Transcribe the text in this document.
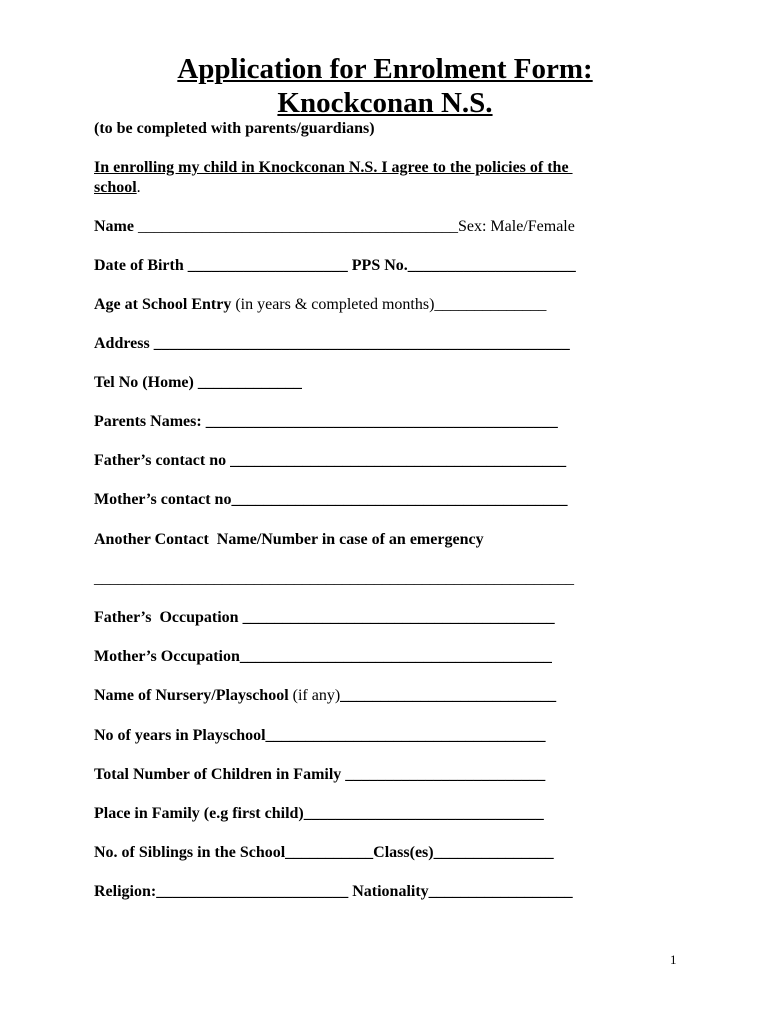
Application for Enrolment Form:
Knockconan N.S.
(to be completed with parents/guardians)
In enrolling my child in Knockconan N.S. I agree to the policies of the
school.
Name ________________________________________Sex: Male/Female
Date of Birth ____________________ PPS No._____________________
Age at School Entry (in years & completed months)______________
Address ____________________________________________________
Tel No (Home) _____________
Parents Names: ____________________________________________
Father’s contact no __________________________________________
Mother’s contact no__________________________________________
Another Contact  Name/Number in case of an emergency
____________________________________________________________
Father’s  Occupation _______________________________________
Mother’s Occupation_______________________________________
Name of Nursery/Playschool (if any)___________________________
No of years in Playschool___________________________________
Total Number of Children in Family _________________________
Place in Family (e.g first child)______________________________
No. of Siblings in the School___________Class(es)_______________
Religion:________________________ Nationality__________________
1
